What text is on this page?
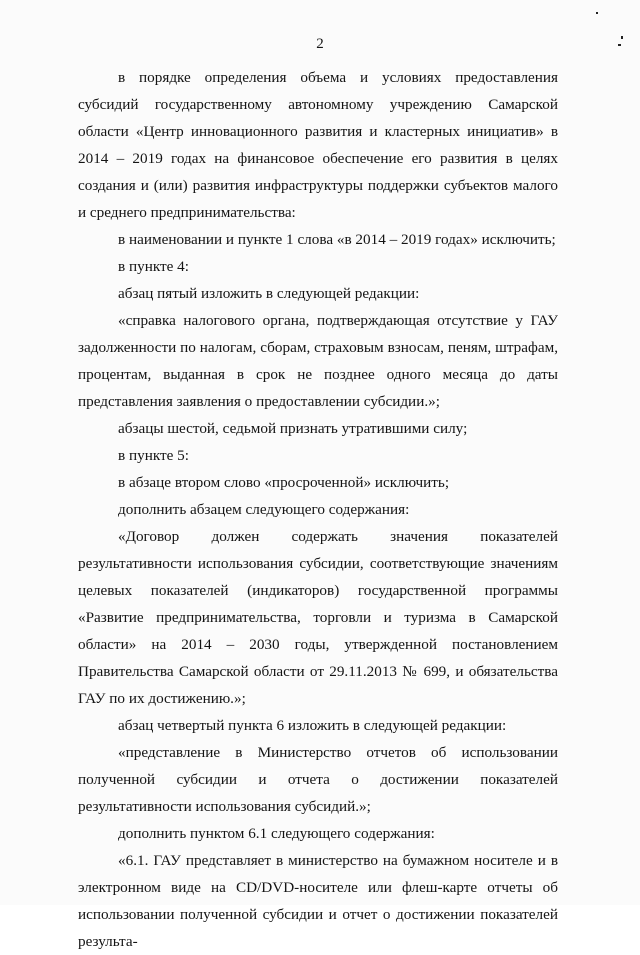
2

в порядке определения объема и условиях предоставления субсидий государственному автономному учреждению Самарской области «Центр инновационного развития и кластерных инициатив» в 2014 – 2019 годах на финансовое обеспечение его развития в целях создания и (или) развития инфраструктуры поддержки субъектов малого и среднего предпринимательства:

в наименовании и пункте 1 слова «в 2014 – 2019 годах» исключить;

в пункте 4:

абзац пятый изложить в следующей редакции:

«справка налогового органа, подтверждающая отсутствие у ГАУ задолженности по налогам, сборам, страховым взносам, пеням, штрафам, процентам, выданная в срок не позднее одного месяца до даты представления заявления о предоставлении субсидии.»;

абзацы шестой, седьмой признать утратившими силу;

в пункте 5:

в абзаце втором слово «просроченной» исключить;

дополнить абзацем следующего содержания:

«Договор должен содержать значения показателей результативности использования субсидии, соответствующие значениям целевых показателей (индикаторов) государственной программы «Развитие предпринимательства, торговли и туризма в Самарской области» на 2014 – 2030 годы, утвержденной постановлением Правительства Самарской области от 29.11.2013 № 699, и обязательства ГАУ по их достижению.»;

абзац четвертый пункта 6 изложить в следующей редакции:

«представление в Министерство отчетов об использовании полученной субсидии и отчета о достижении показателей результативности использования субсидий.»;

дополнить пунктом 6.1 следующего содержания:

«6.1. ГАУ представляет в министерство на бумажном носителе и в электронном виде на CD/DVD-носителе или флеш-карте отчеты об использовании полученной субсидии и отчет о достижении показателей результа-
